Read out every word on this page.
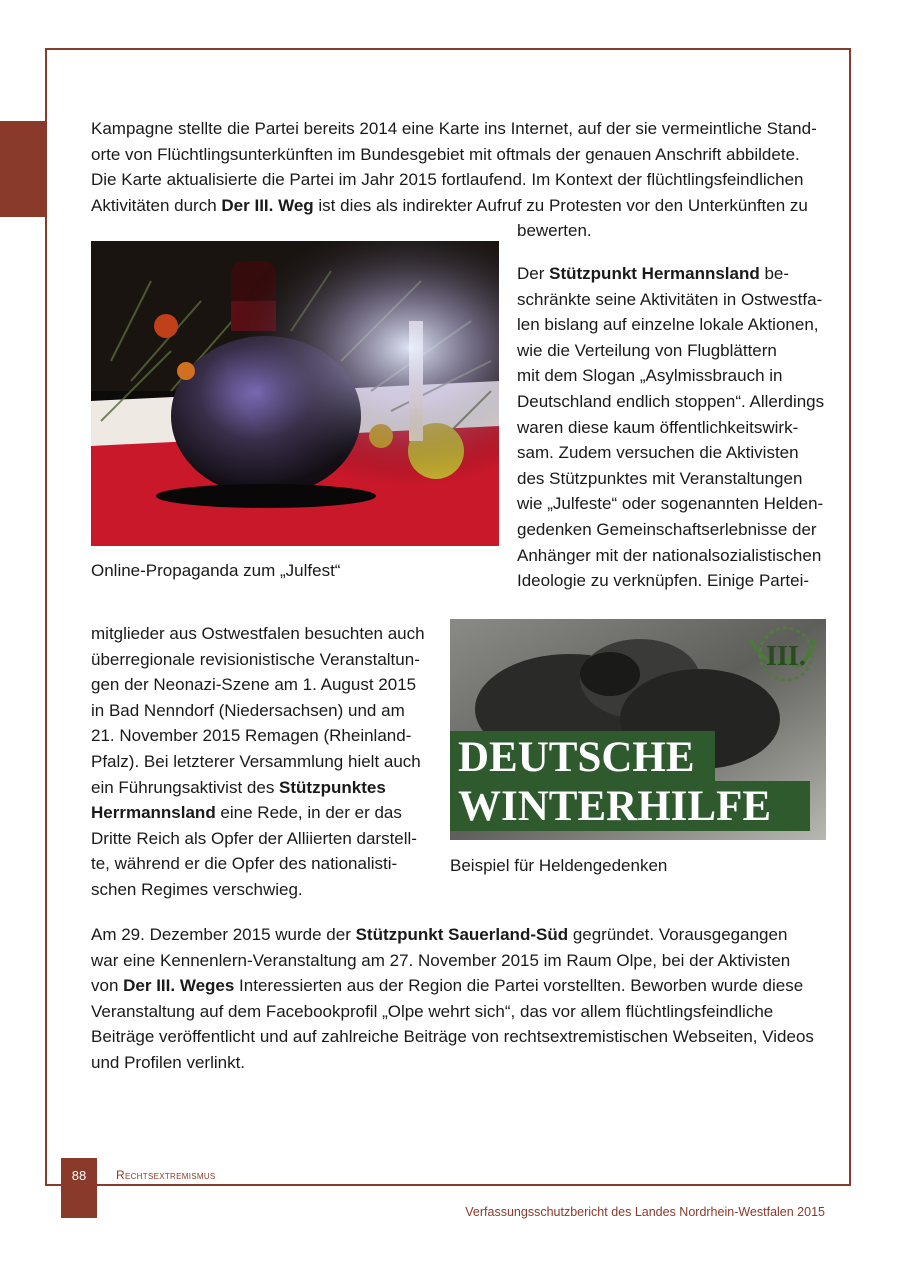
Kampagne stellte die Partei bereits 2014 eine Karte ins Internet, auf der sie vermeintliche Stand-
orte von Flüchtlingsunterkünften im Bundesgebiet mit oftmals der genauen Anschrift abbildete.
Die Karte aktualisierte die Partei im Jahr 2015 fortlaufend. Im Kontext der flüchtlingsfeindlichen
Aktivitäten durch Der III. Weg ist dies als indirekter Aufruf zu Protesten vor den Unterkünften zu
bewerten.

Online-Propaganda zum „Julfest“

Der Stützpunkt Hermannsland be-
schränkte seine Aktivitäten in Ostwestfa-
len bislang auf einzelne lokale Aktionen,
wie die Verteilung von Flugblättern
mit dem Slogan „Asylmissbrauch in
Deutschland endlich stoppen“. Allerdings
waren diese kaum öffentlichkeitswirk-
sam. Zudem versuchen die Aktivisten
des Stützpunktes mit Veranstaltungen
wie „Julfeste“ oder sogenannten Helden-
gedenken Gemeinschaftserlebnisse der
Anhänger mit der nationalsozialistischen
Ideologie zu verknüpfen. Einige Partei-
mitglieder aus Ostwestfalen besuchten auch
überregionale revisionistische Veranstaltun-
gen der Neonazi-Szene am 1. August 2015
in Bad Nenndorf (Niedersachsen) und am
21. November 2015 Remagen (Rheinland-
Pfalz). Bei letzterer Versammlung hielt auch
ein Führungsaktivist des Stützpunktes
Herrmannsland eine Rede, in der er das
Dritte Reich als Opfer der Alliierten darstell-
te, während er die Opfer des nationalisti-
schen Regimes verschwieg.
III.
DEUTSCHE
WINTERHILFE

Beispiel für Heldengedenken

Am 29. Dezember 2015 wurde der Stützpunkt Sauerland-Süd gegründet. Vorausgegangen
war eine Kennenlern-Veranstaltung am 27. November 2015 im Raum Olpe, bei der Aktivisten
von Der III. Weges Interessierten aus der Region die Partei vorstellten. Beworben wurde diese
Veranstaltung auf dem Facebookprofil „Olpe wehrt sich“, das vor allem flüchtlingsfeindliche
Beiträge veröffentlicht und auf zahlreiche Beiträge von rechtsextremistischen Webseiten, Videos
und Profilen verlinkt.
88	Rechtsextremismus
Verfassungsschutzbericht des Landes Nordrhein-Westfalen 2015
